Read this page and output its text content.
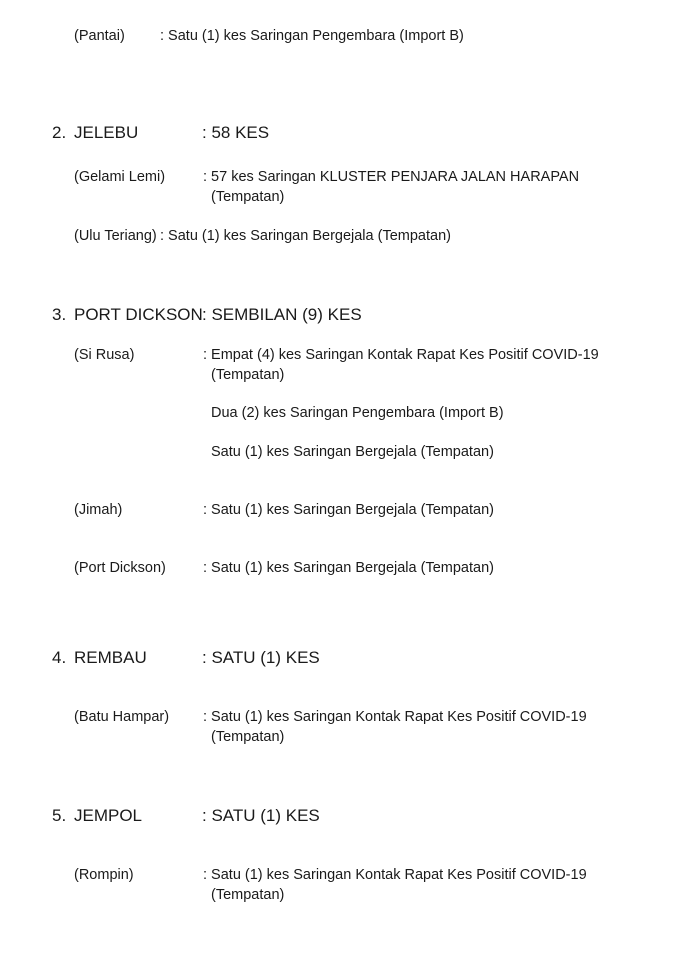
(Pantai) : Satu (1) kes Saringan Pengembara (Import B)
2. JELEBU	: 58 KES
(Gelami Lemi)	: 57 kes Saringan KLUSTER PENJARA JALAN HARAPAN
(Tempatan)
(Ulu Teriang) : Satu (1) kes Saringan Bergejala (Tempatan)
3. PORT DICKSON : SEMBILAN (9) KES
(Si Rusa)	: Empat (4) kes Saringan Kontak Rapat Kes Positif COVID-19
(Tempatan)
Dua (2) kes Saringan Pengembara (Import B)
Satu (1) kes Saringan Bergejala (Tempatan)
(Jimah)	: Satu (1) kes Saringan Bergejala (Tempatan)
(Port Dickson)	: Satu (1) kes Saringan Bergejala (Tempatan)
4. REMBAU	: SATU (1) KES
(Batu Hampar) : Satu (1) kes Saringan Kontak Rapat Kes Positif COVID-19
(Tempatan)
5. JEMPOL	: SATU (1) KES
(Rompin)	: Satu (1) kes Saringan Kontak Rapat Kes Positif COVID-19
(Tempatan)
